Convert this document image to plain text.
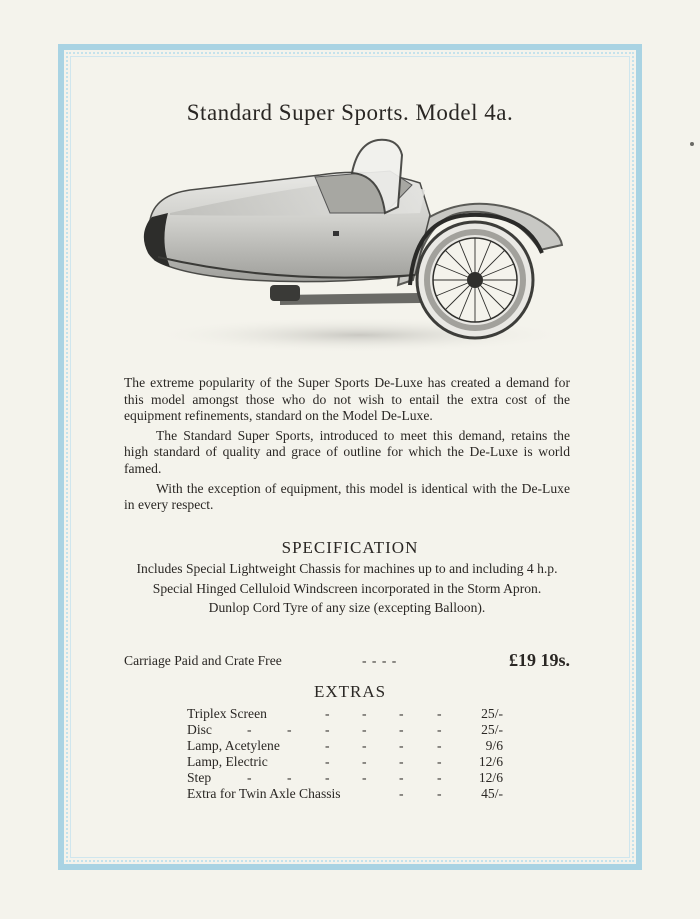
Standard Super Sports. Model 4a.

The extreme popularity of the Super Sports De-Luxe has created a demand for this model amongst those who do not wish to entail the extra cost of the equipment refinements, standard on the Model De-Luxe.

The Standard Super Sports, introduced to meet this demand, retains the high standard of quality and grace of outline for which the De-Luxe is world famed.

With the exception of equipment, this model is identical with the De-Luxe in every respect.

SPECIFICATION

Includes Special Lightweight Chassis for machines up to and including 4 h.p.

Special Hinged Celluloid Windscreen incorporated in the Storm Apron.

Dunlop Cord Tyre of any size (excepting Balloon).

Carriage Paid and Crate Free	- - - -	£19 19s.
EXTRAS
Triplex Screen	- - - -	25/-
Disc	-	- - - - -	25/-
Lamp, Acetylene	- - - -	9/6
Lamp, Electric	- - - -	12/6
Step	-	- - - - -	12/6
Extra for Twin Axle Chassis	- -	45/-
